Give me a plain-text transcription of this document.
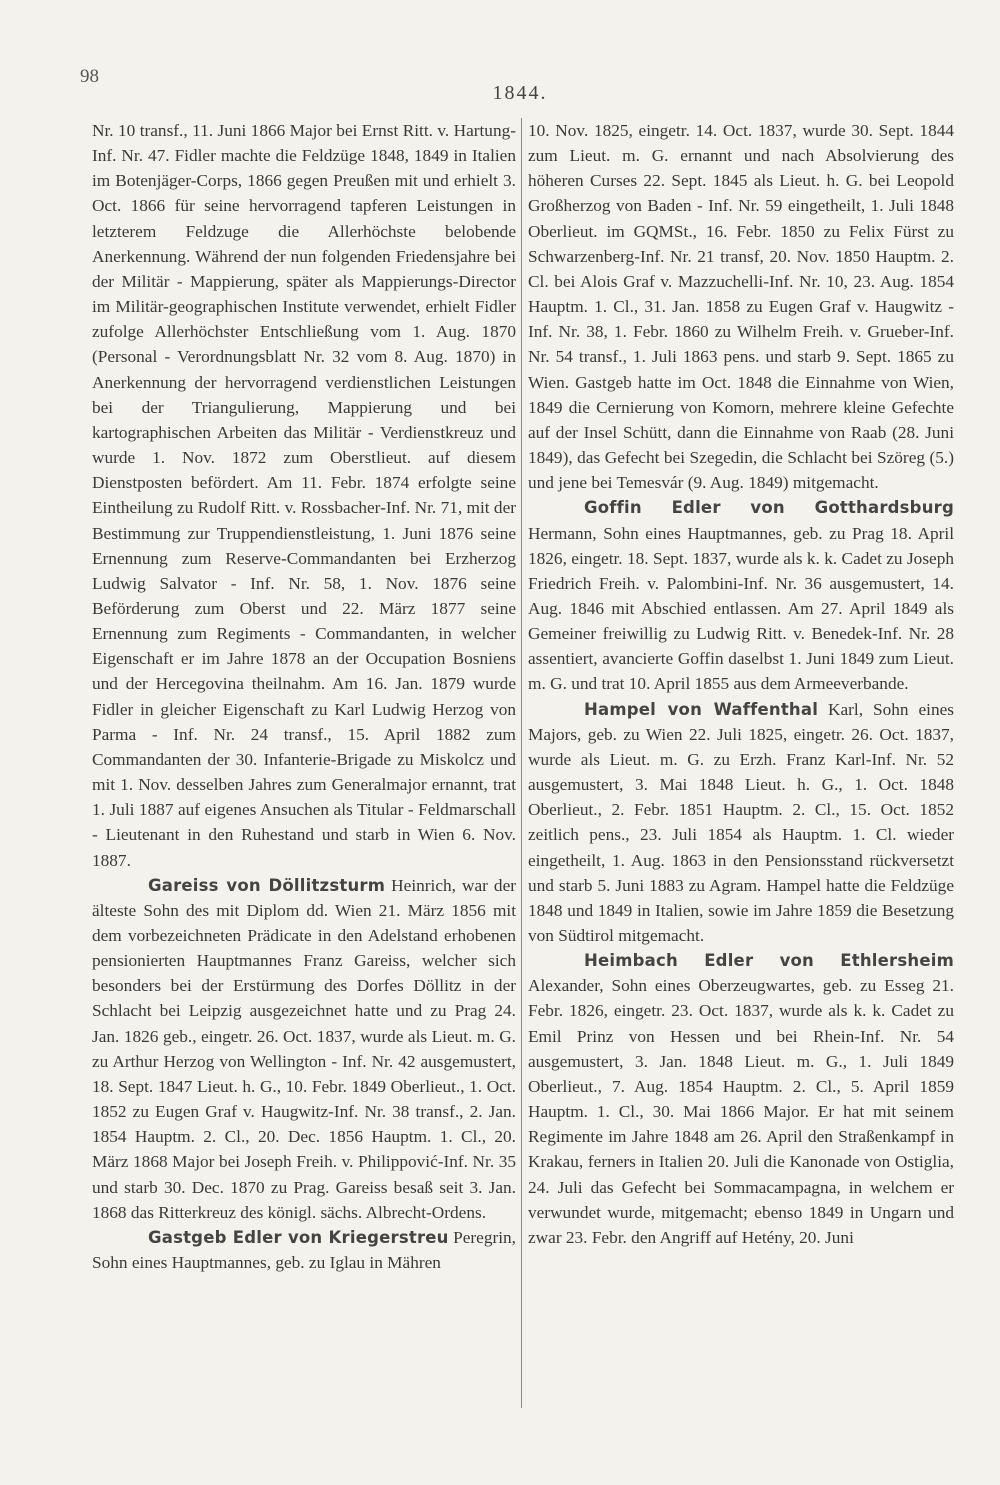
98
1844.

Nr. 10 transf., 11. Juni 1866 Major bei Ernst Ritt. v. Hartung-Inf. Nr. 47. Fidler machte die Feldzüge 1848, 1849 in Italien im Botenjäger-Corps, 1866 gegen Preußen mit und erhielt 3. Oct. 1866 für seine hervorragend tapferen Leistungen in letzterem Feldzuge die Allerhöchste belobende Anerkennung. Während der nun folgenden Friedensjahre bei der Militär - Mappierung, später als Mappierungs-Director im Militär-geographischen Institute verwendet, erhielt Fidler zufolge Allerhöchster Entschließung vom 1. Aug. 1870 (Personal - Verordnungsblatt Nr. 32 vom 8. Aug. 1870) in Anerkennung der hervorragend verdienstlichen Leistungen bei der Triangulierung, Mappierung und bei kartographischen Arbeiten das Militär - Verdienstkreuz und wurde 1. Nov. 1872 zum Oberstlieut. auf diesem Dienstposten befördert. Am 11. Febr. 1874 erfolgte seine Eintheilung zu Rudolf Ritt. v. Rossbacher-Inf. Nr. 71, mit der Bestimmung zur Truppendienstleistung, 1. Juni 1876 seine Ernennung zum Reserve-Commandanten bei Erzherzog Ludwig Salvator - Inf. Nr. 58, 1. Nov. 1876 seine Beförderung zum Oberst und 22. März 1877 seine Ernennung zum Regiments - Commandanten, in welcher Eigenschaft er im Jahre 1878 an der Occupation Bosniens und der Hercegovina theilnahm. Am 16. Jan. 1879 wurde Fidler in gleicher Eigenschaft zu Karl Ludwig Herzog von Parma - Inf. Nr. 24 transf., 15. April 1882 zum Commandanten der 30. Infanterie-Brigade zu Miskolcz und mit 1. Nov. desselben Jahres zum Generalmajor ernannt, trat 1. Juli 1887 auf eigenes Ansuchen als Titular - Feldmarschall - Lieutenant in den Ruhestand und starb in Wien 6. Nov. 1887.

Gareiss von Döllitzsturm Heinrich, war der älteste Sohn des mit Diplom dd. Wien 21. März 1856 mit dem vorbezeichneten Prädicate in den Adelstand erhobenen pensionierten Hauptmannes Franz Gareiss, welcher sich besonders bei der Erstürmung des Dorfes Döllitz in der Schlacht bei Leipzig ausgezeichnet hatte und zu Prag 24. Jan. 1826 geb., eingetr. 26. Oct. 1837, wurde als Lieut. m. G. zu Arthur Herzog von Wellington - Inf. Nr. 42 ausgemustert, 18. Sept. 1847 Lieut. h. G., 10. Febr. 1849 Oberlieut., 1. Oct. 1852 zu Eugen Graf v. Haugwitz-Inf. Nr. 38 transf., 2. Jan. 1854 Hauptm. 2. Cl., 20. Dec. 1856 Hauptm. 1. Cl., 20. März 1868 Major bei Joseph Freih. v. Philippović-Inf. Nr. 35 und starb 30. Dec. 1870 zu Prag. Gareiss besaß seit 3. Jan. 1868 das Ritterkreuz des königl. sächs. Albrecht-Ordens.

Gastgeb Edler von Kriegerstreu Peregrin, Sohn eines Hauptmannes, geb. zu Iglau in Mähren

10. Nov. 1825, eingetr. 14. Oct. 1837, wurde 30. Sept. 1844 zum Lieut. m. G. ernannt und nach Absolvierung des höheren Curses 22. Sept. 1845 als Lieut. h. G. bei Leopold Großherzog von Baden - Inf. Nr. 59 eingetheilt, 1. Juli 1848 Oberlieut. im GQMSt., 16. Febr. 1850 zu Felix Fürst zu Schwarzenberg-Inf. Nr. 21 transf, 20. Nov. 1850 Hauptm. 2. Cl. bei Alois Graf v. Mazzuchelli-Inf. Nr. 10, 23. Aug. 1854 Hauptm. 1. Cl., 31. Jan. 1858 zu Eugen Graf v. Haugwitz - Inf. Nr. 38, 1. Febr. 1860 zu Wilhelm Freih. v. Grueber-Inf. Nr. 54 transf., 1. Juli 1863 pens. und starb 9. Sept. 1865 zu Wien. Gastgeb hatte im Oct. 1848 die Einnahme von Wien, 1849 die Cernierung von Komorn, mehrere kleine Gefechte auf der Insel Schütt, dann die Einnahme von Raab (28. Juni 1849), das Gefecht bei Szegedin, die Schlacht bei Szöreg (5.) und jene bei Temesvár (9. Aug. 1849) mitgemacht.

Goffin Edler von Gotthardsburg Hermann, Sohn eines Hauptmannes, geb. zu Prag 18. April 1826, eingetr. 18. Sept. 1837, wurde als k. k. Cadet zu Joseph Friedrich Freih. v. Palombini-Inf. Nr. 36 ausgemustert, 14. Aug. 1846 mit Abschied entlassen. Am 27. April 1849 als Gemeiner freiwillig zu Ludwig Ritt. v. Benedek-Inf. Nr. 28 assentiert, avancierte Goffin daselbst 1. Juni 1849 zum Lieut. m. G. und trat 10. April 1855 aus dem Armeeverbande.

Hampel von Waffenthal Karl, Sohn eines Majors, geb. zu Wien 22. Juli 1825, eingetr. 26. Oct. 1837, wurde als Lieut. m. G. zu Erzh. Franz Karl-Inf. Nr. 52 ausgemustert, 3. Mai 1848 Lieut. h. G., 1. Oct. 1848 Oberlieut., 2. Febr. 1851 Hauptm. 2. Cl., 15. Oct. 1852 zeitlich pens., 23. Juli 1854 als Hauptm. 1. Cl. wieder eingetheilt, 1. Aug. 1863 in den Pensionsstand rückversetzt und starb 5. Juni 1883 zu Agram. Hampel hatte die Feldzüge 1848 und 1849 in Italien, sowie im Jahre 1859 die Besetzung von Südtirol mitgemacht.

Heimbach Edler von Ethlersheim Alexander, Sohn eines Oberzeugwartes, geb. zu Esseg 21. Febr. 1826, eingetr. 23. Oct. 1837, wurde als k. k. Cadet zu Emil Prinz von Hessen und bei Rhein-Inf. Nr. 54 ausgemustert, 3. Jan. 1848 Lieut. m. G., 1. Juli 1849 Oberlieut., 7. Aug. 1854 Hauptm. 2. Cl., 5. April 1859 Hauptm. 1. Cl., 30. Mai 1866 Major. Er hat mit seinem Regimente im Jahre 1848 am 26. April den Straßenkampf in Krakau, ferners in Italien 20. Juli die Kanonade von Ostiglia, 24. Juli das Gefecht bei Sommacampagna, in welchem er verwundet wurde, mitgemacht; ebenso 1849 in Ungarn und zwar 23. Febr. den Angriff auf Hetény, 20. Juni
